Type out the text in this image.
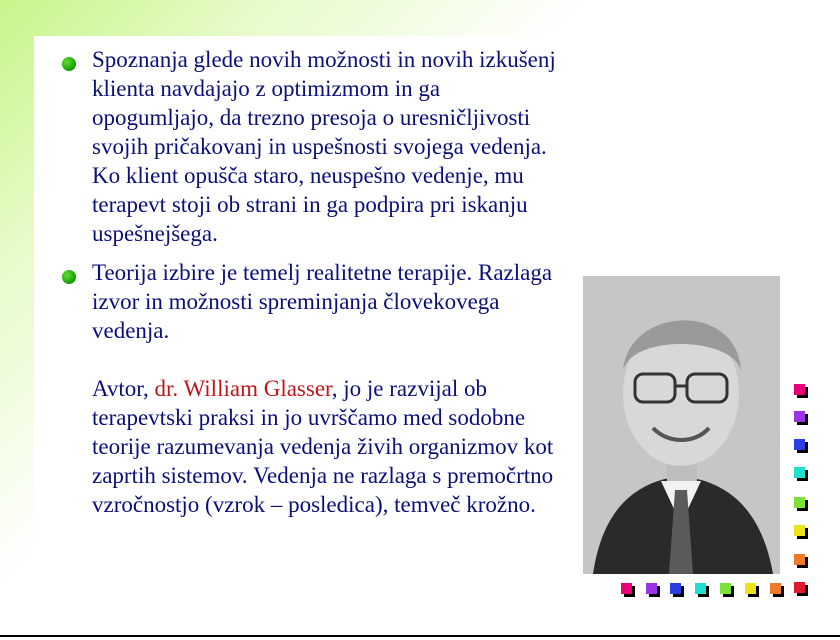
Spoznanja glede novih možnosti in novih izkušenj klienta navdajajo z optimizmom in ga opogumljajo, da trezno presoja o uresničljivosti svojih pričakovanj in uspešnosti svojega vedenja. Ko klient opušča staro, neuspešno vedenje, mu terapevt stoji ob strani in ga podpira pri iskanju uspešnejšega.
Teorija izbire je temelj realitetne terapije. Razlaga izvor in možnosti spreminjanja človekovega vedenja.
Avtor, dr. William Glasser, jo je razvijal ob terapevtski praksi in jo uvrščamo med sodobne teorije razumevanja vedenja živih organizmov kot zaprtih sistemov. Vedenja ne razlaga s premočrtno vzročnostjo (vzrok – posledica), temveč krožno.
